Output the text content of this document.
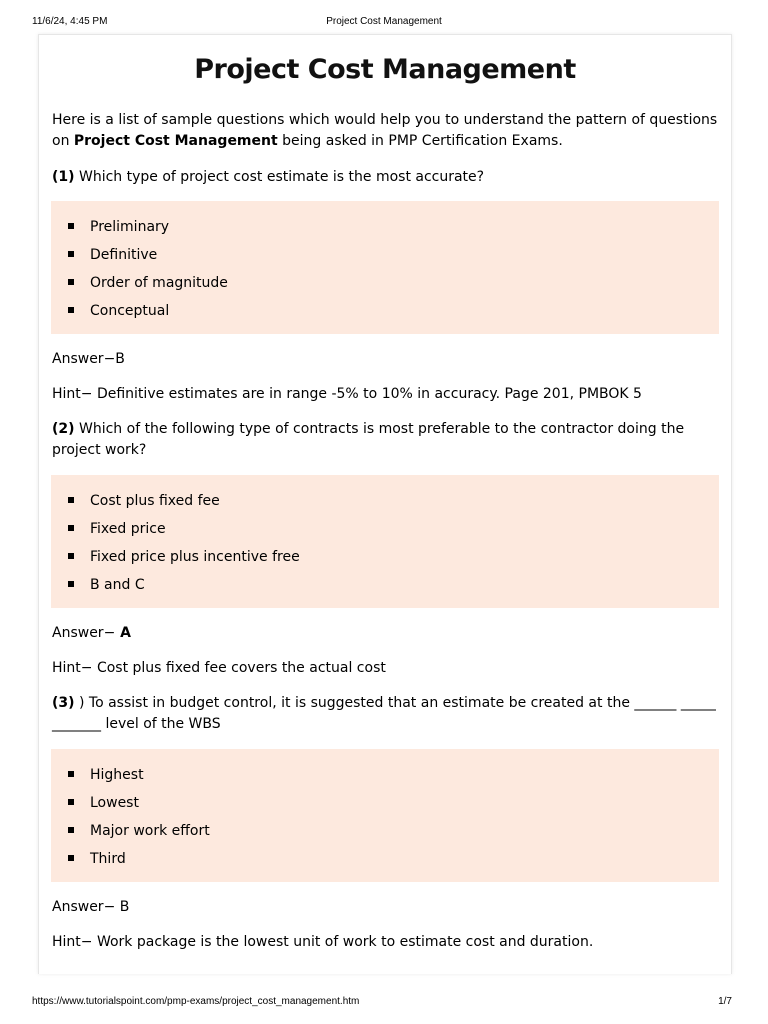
11/6/24, 4:45 PM	Project Cost Management
Project Cost Management
Here is a list of sample questions which would help you to understand the pattern of questions on Project Cost Management being asked in PMP Certification Exams.
(1) Which type of project cost estimate is the most accurate?
Preliminary
Definitive
Order of magnitude
Conceptual
Answer−B
Hint− Definitive estimates are in range -5% to 10% in accuracy. Page 201, PMBOK 5
(2) Which of the following type of contracts is most preferable to the contractor doing the project work?
Cost plus fixed fee
Fixed price
Fixed price plus incentive free
B and C
Answer− A
Hint− Cost plus fixed fee covers the actual cost
(3) ) To assist in budget control, it is suggested that an estimate be created at the ______ _____ _______ level of the WBS
Highest
Lowest
Major work effort
Third
Answer− B
Hint− Work package is the lowest unit of work to estimate cost and duration.
https://www.tutorialspoint.com/pmp-exams/project_cost_management.htm	1/7
